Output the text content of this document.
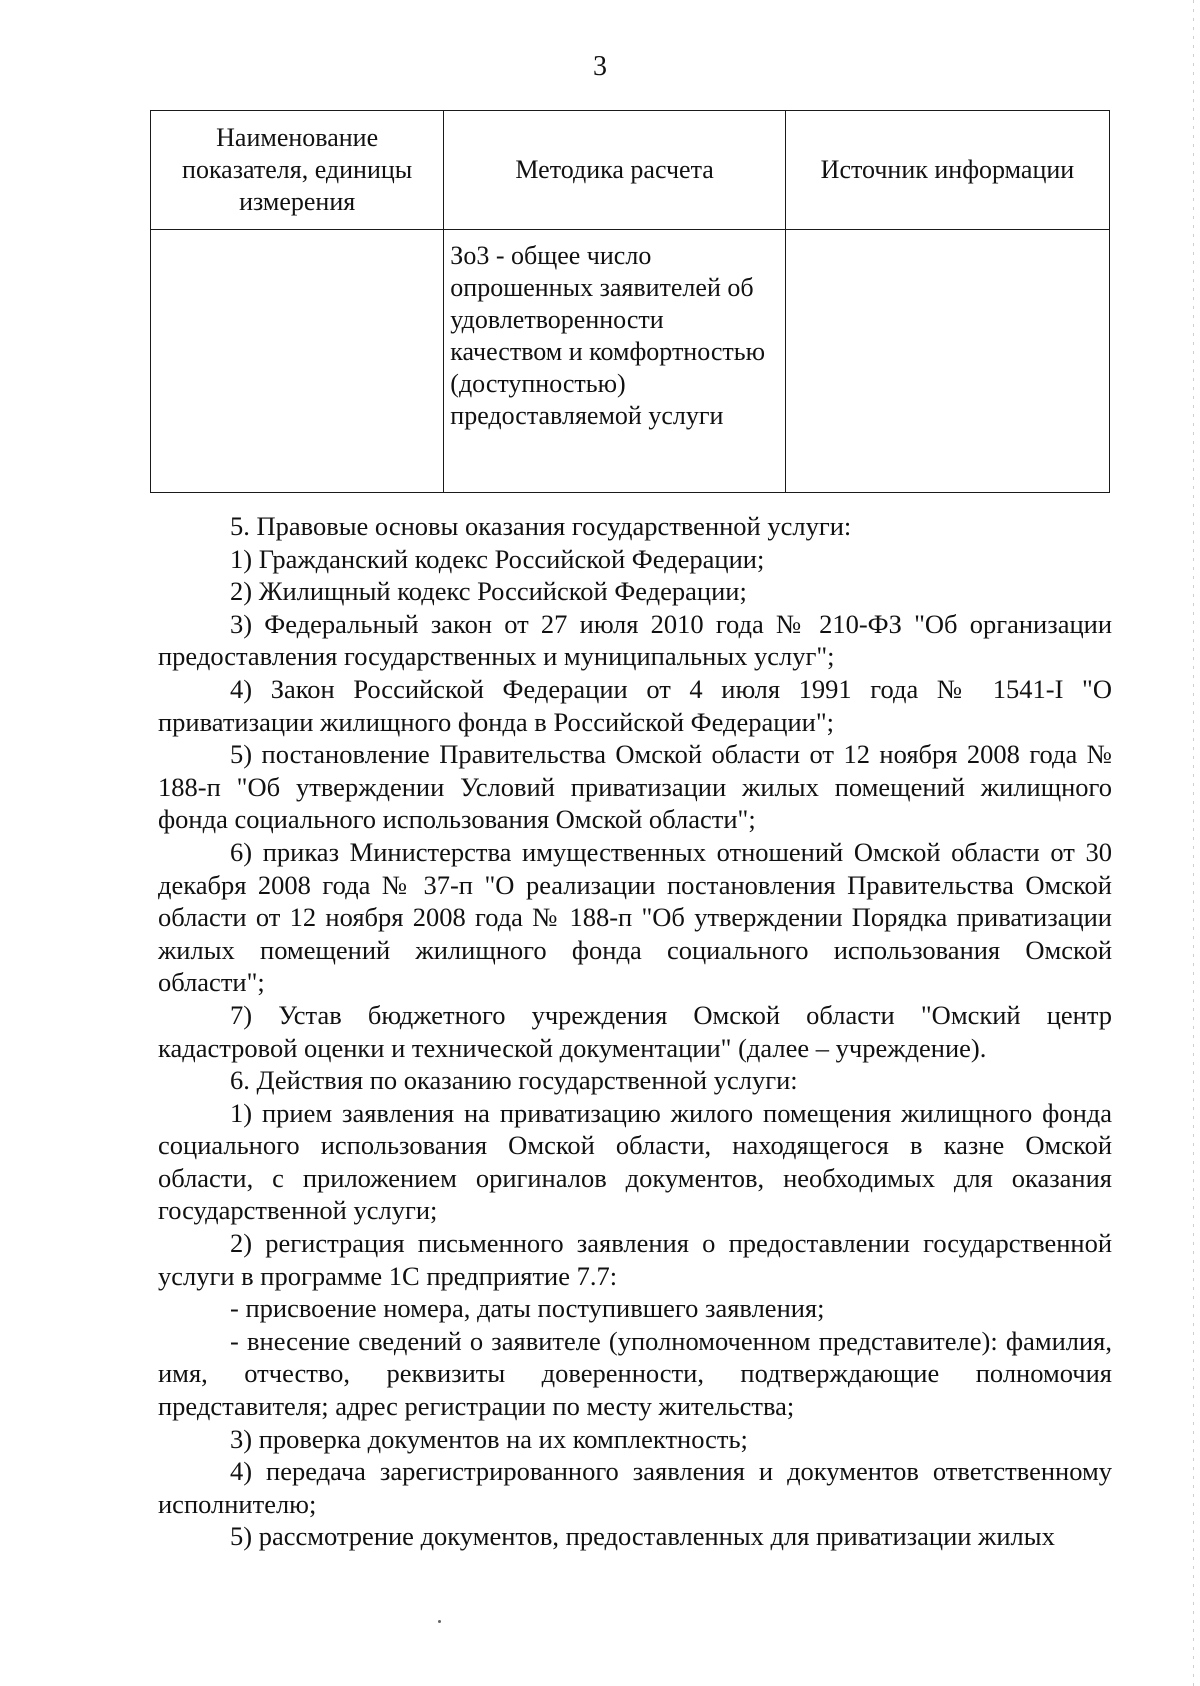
3
Наименование показателя, единицы измерения	Методика расчета	Источник информации
	Зо3 - общее число опрошенных заявителей об удовлетворенности качеством и комфортностью (доступностью) предоставляемой услуги	

5. Правовые основы оказания государственной услуги:

1) Гражданский кодекс Российской Федерации;

2) Жилищный кодекс Российской Федерации;

3) Федеральный закон от 27 июля 2010 года № 210-ФЗ "Об организации предоставления государственных и муниципальных услуг";

4) Закон Российской Федерации от 4 июля 1991 года № 1541-I "О приватизации жилищного фонда в Российской Федерации";

5) постановление Правительства Омской области от 12 ноября 2008 года № 188-п "Об утверждении Условий приватизации жилых помещений жилищного фонда социального использования Омской области";

6) приказ Министерства имущественных отношений Омской области от 30 декабря 2008 года № 37-п "О реализации постановления Правительства Омской области от 12 ноября 2008 года № 188-п "Об утверждении Порядка приватизации жилых помещений жилищного фонда социального использования Омской области";

7) Устав бюджетного учреждения Омской области "Омский центр кадастровой оценки и технической документации" (далее – учреждение).

6. Действия по оказанию государственной услуги:

1) прием заявления на приватизацию жилого помещения жилищного фонда социального использования Омской области, находящегося в казне Омской области, с приложением оригиналов документов, необходимых для оказания государственной услуги;

2) регистрация письменного заявления о предоставлении государственной услуги в программе 1С предприятие 7.7:

- присвоение номера, даты поступившего заявления;

- внесение сведений о заявителе (уполномоченном представителе): фамилия, имя, отчество, реквизиты доверенности, подтверждающие полномочия представителя; адрес регистрации по месту жительства;

3) проверка документов на их комплектность;

4) передача зарегистрированного заявления и документов ответственному исполнителю;

5) рассмотрение документов, предоставленных для приватизации жилых
